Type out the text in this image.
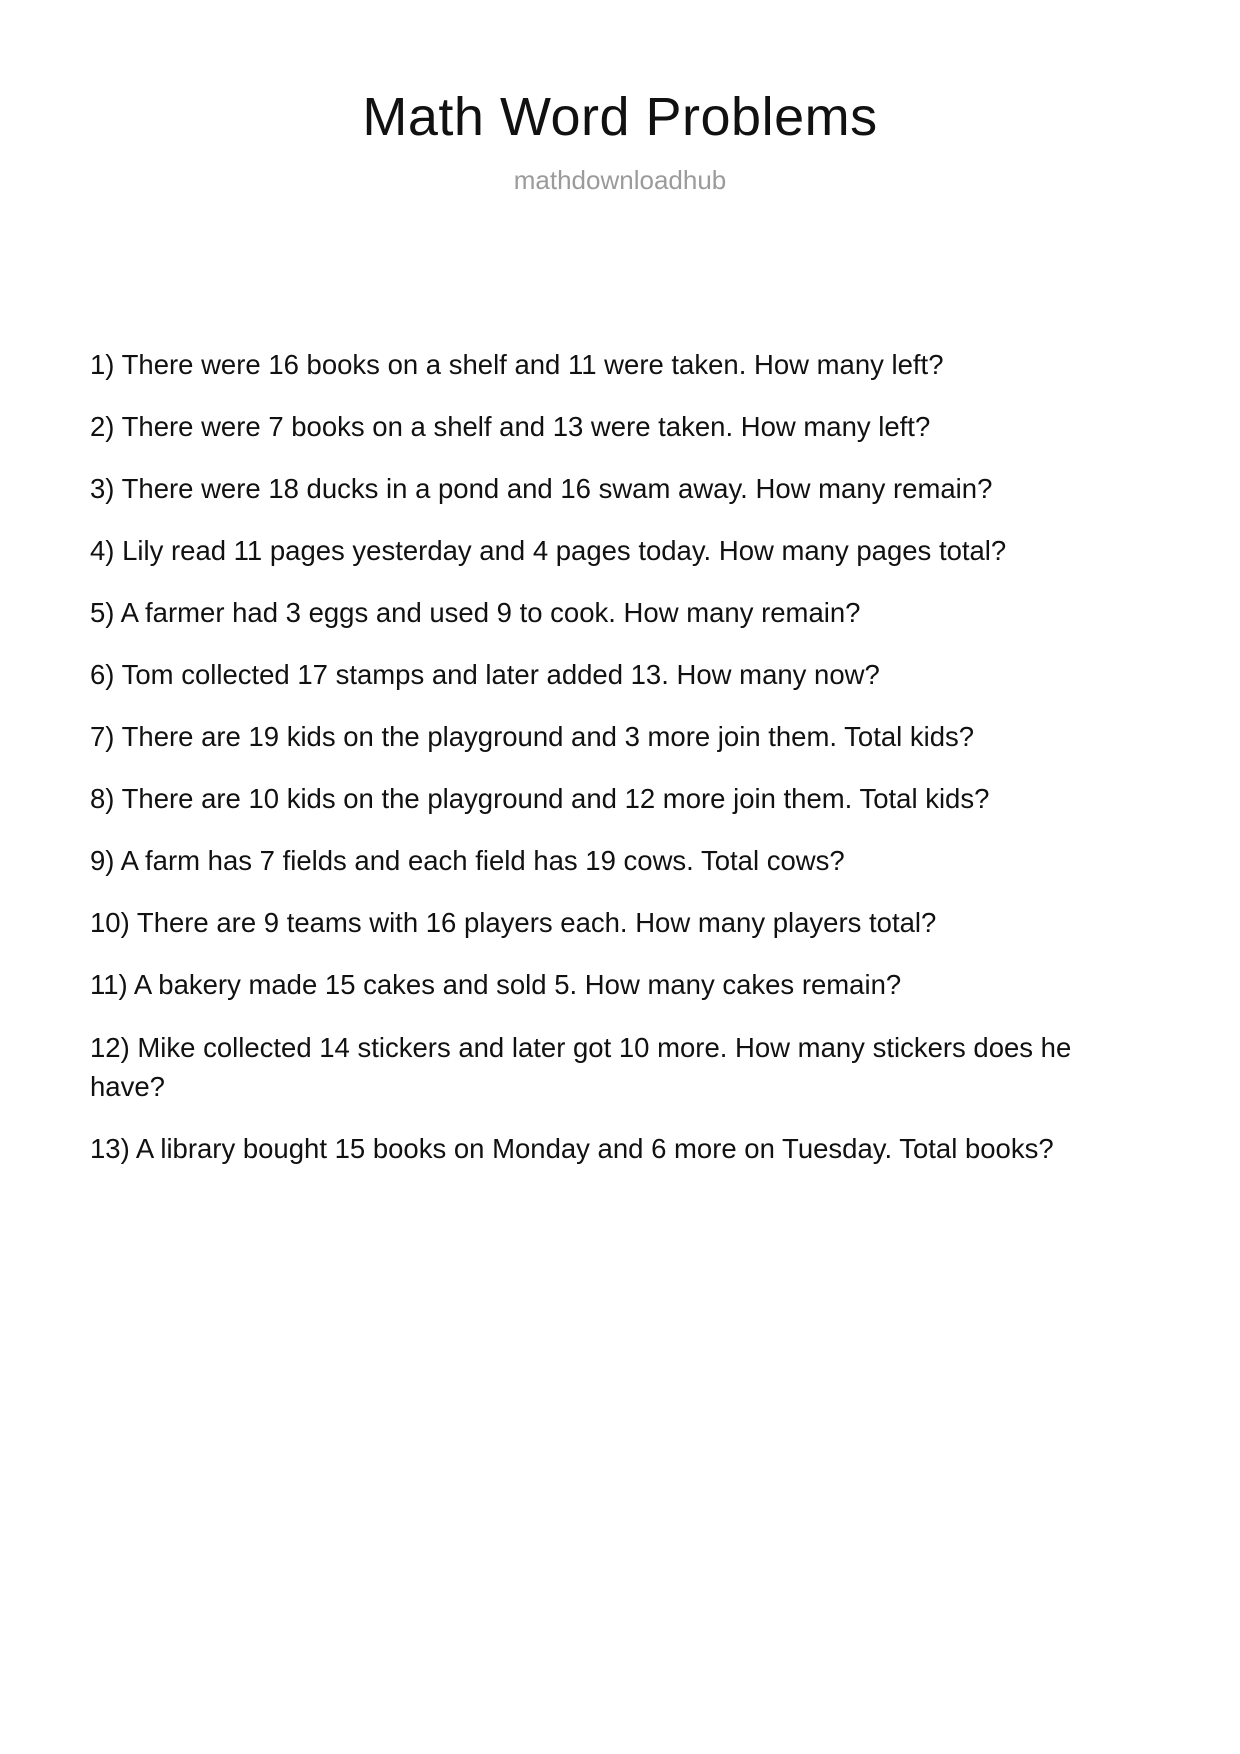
Math Word Problems
mathdownloadhub
1) There were 16 books on a shelf and 11 were taken. How many left?
2) There were 7 books on a shelf and 13 were taken. How many left?
3) There were 18 ducks in a pond and 16 swam away. How many remain?
4) Lily read 11 pages yesterday and 4 pages today. How many pages total?
5) A farmer had 3 eggs and used 9 to cook. How many remain?
6) Tom collected 17 stamps and later added 13. How many now?
7) There are 19 kids on the playground and 3 more join them. Total kids?
8) There are 10 kids on the playground and 12 more join them. Total kids?
9) A farm has 7 fields and each field has 19 cows. Total cows?
10) There are 9 teams with 16 players each. How many players total?
11) A bakery made 15 cakes and sold 5. How many cakes remain?
12) Mike collected 14 stickers and later got 10 more. How many stickers does he have?
13) A library bought 15 books on Monday and 6 more on Tuesday. Total books?
